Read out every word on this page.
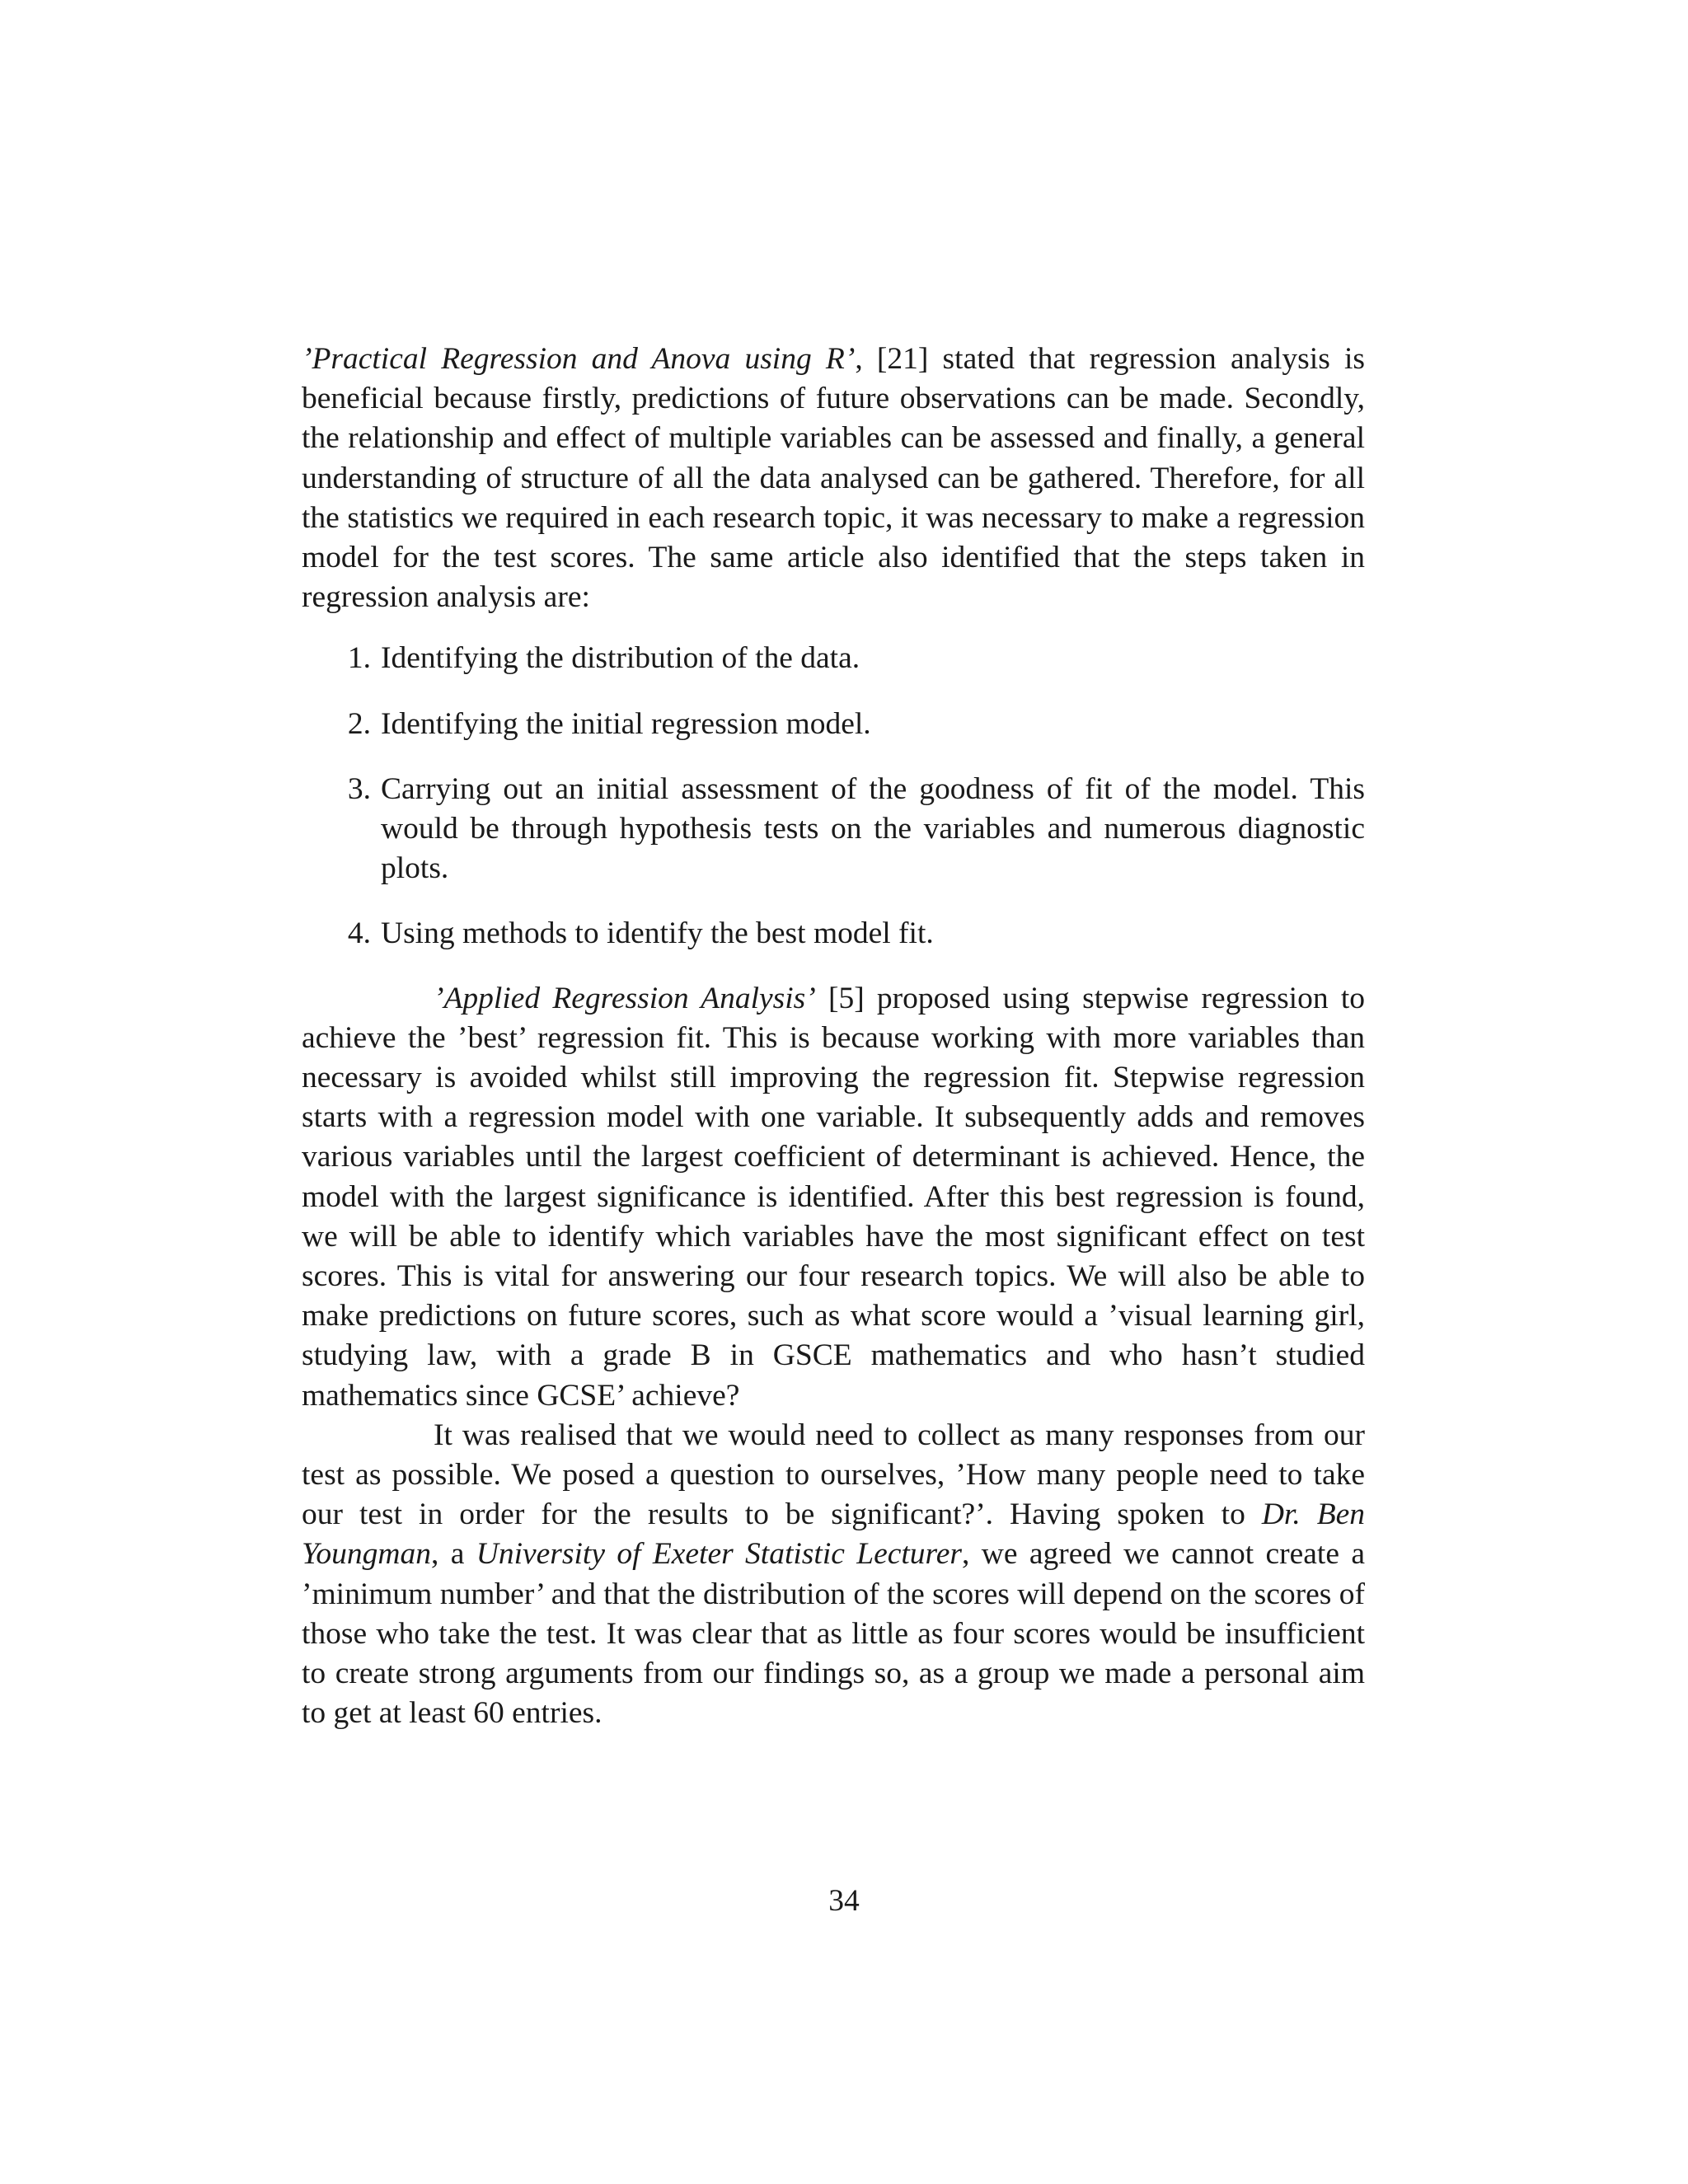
’Practical Regression and Anova using R’, [21] stated that regression analysis is beneficial because firstly, predictions of future observations can be made. Secondly, the relationship and effect of multiple variables can be assessed and finally, a general understanding of structure of all the data analysed can be gathered. Therefore, for all the statistics we required in each research topic, it was necessary to make a regression model for the test scores. The same article also identified that the steps taken in regression analysis are:

1. Identifying the distribution of the data.
2. Identifying the initial regression model.
3. Carrying out an initial assessment of the goodness of fit of the model. This would be through hypothesis tests on the variables and numerous diagnostic plots.
4. Using methods to identify the best model fit.

’Applied Regression Analysis’ [5] proposed using stepwise regression to achieve the ’best’ regression fit. This is because working with more variables than necessary is avoided whilst still improving the regression fit. Stepwise regression starts with a regression model with one variable. It subsequently adds and removes various variables until the largest coefficient of determinant is achieved. Hence, the model with the largest significance is identified. After this best regression is found, we will be able to identify which variables have the most significant effect on test scores. This is vital for answering our four research topics. We will also be able to make predictions on future scores, such as what score would a ’visual learning girl, studying law, with a grade B in GSCE mathematics and who hasn’t studied mathematics since GCSE’ achieve?

It was realised that we would need to collect as many responses from our test as possible. We posed a question to ourselves, ’How many people need to take our test in order for the results to be significant?’. Having spoken to Dr. Ben Youngman, a University of Exeter Statistic Lecturer, we agreed we cannot create a ’minimum number’ and that the distribution of the scores will depend on the scores of those who take the test. It was clear that as little as four scores would be insufficient to create strong arguments from our findings so, as a group we made a personal aim to get at least 60 entries.

34
